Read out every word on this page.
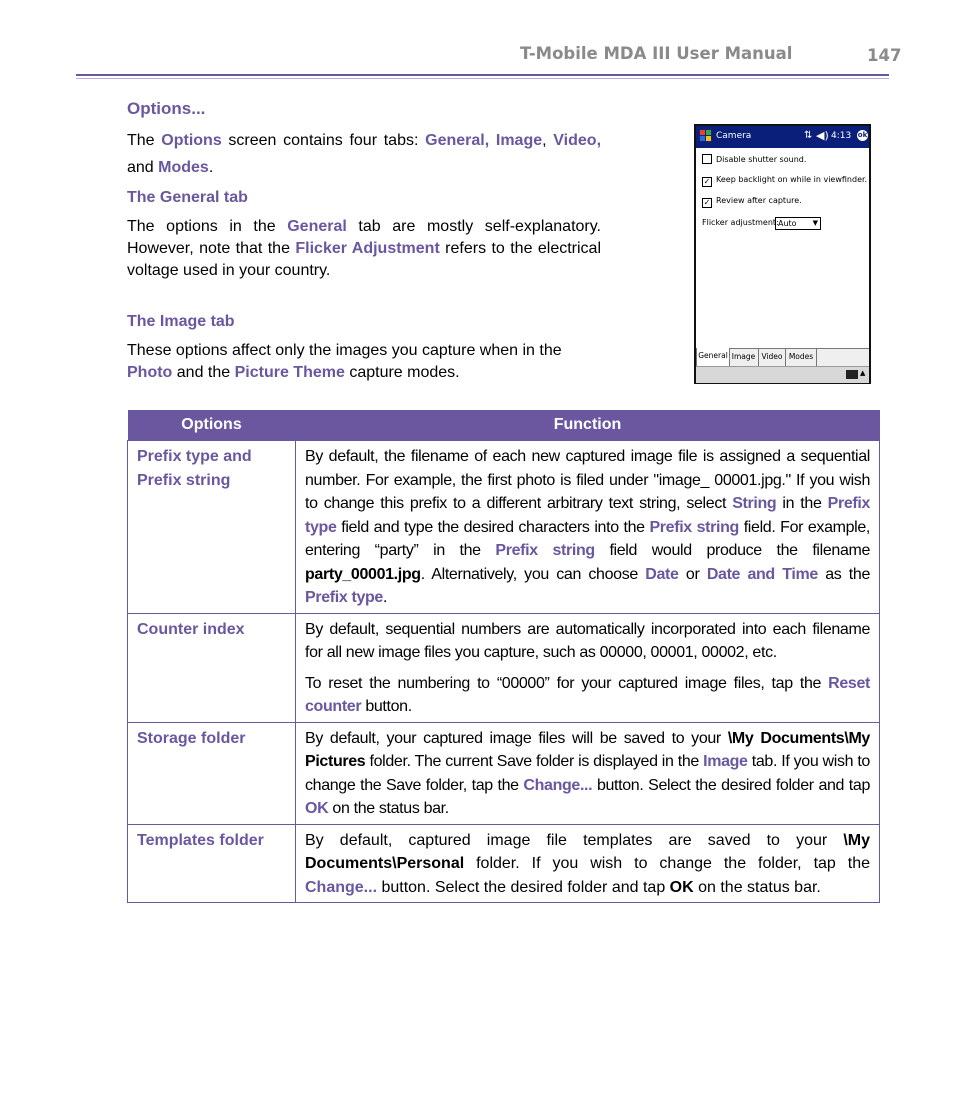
T-Mobile MDA III User Manual	147
Options...
The Options screen contains four tabs: General, Image, Video, and Modes.
The General tab
The options in the General tab are mostly self-explanatory. However, note that the Flicker Adjustment refers to the electrical voltage used in your country.
The Image tab
These options affect only the images you capture when in the Photo and the Picture Theme capture modes.
Camera	⇅ ◀) 4:13 ok
Disable shutter sound.
✓ Keep backlight on while in viewfinder.
✓ Review after capture.
Flicker adjustment: Auto ▼
General Image Video Modes
▲
Options	Function
Prefix type and Prefix string	By default, the filename of each new captured image file is assigned a sequential number. For example, the first photo is filed under "image_ 00001.jpg." If you wish to change this prefix to a different arbitrary text string, select String in the Prefix type field and type the desired characters into the Prefix string field. For example, entering “party” in the Prefix string field would produce the filename party_00001.jpg. Alternatively, you can choose Date or Date and Time as the Prefix type.
Counter index	By default, sequential numbers are automatically incorporated into each filename for all new image files you capture, such as 00000, 00001, 00002, etc.

To reset the numbering to “00000” for your captured image files, tap the Reset counter button.

Storage folder	By default, your captured image files will be saved to your \My Documents\My Pictures folder. The current Save folder is displayed in the Image tab. If you wish to change the Save folder, tap the Change... button. Select the desired folder and tap OK on the status bar.
Templates folder	By default, captured image file templates are saved to your \My Documents\Personal folder. If you wish to change the folder, tap the Change... button. Select the desired folder and tap OK on the status bar.
